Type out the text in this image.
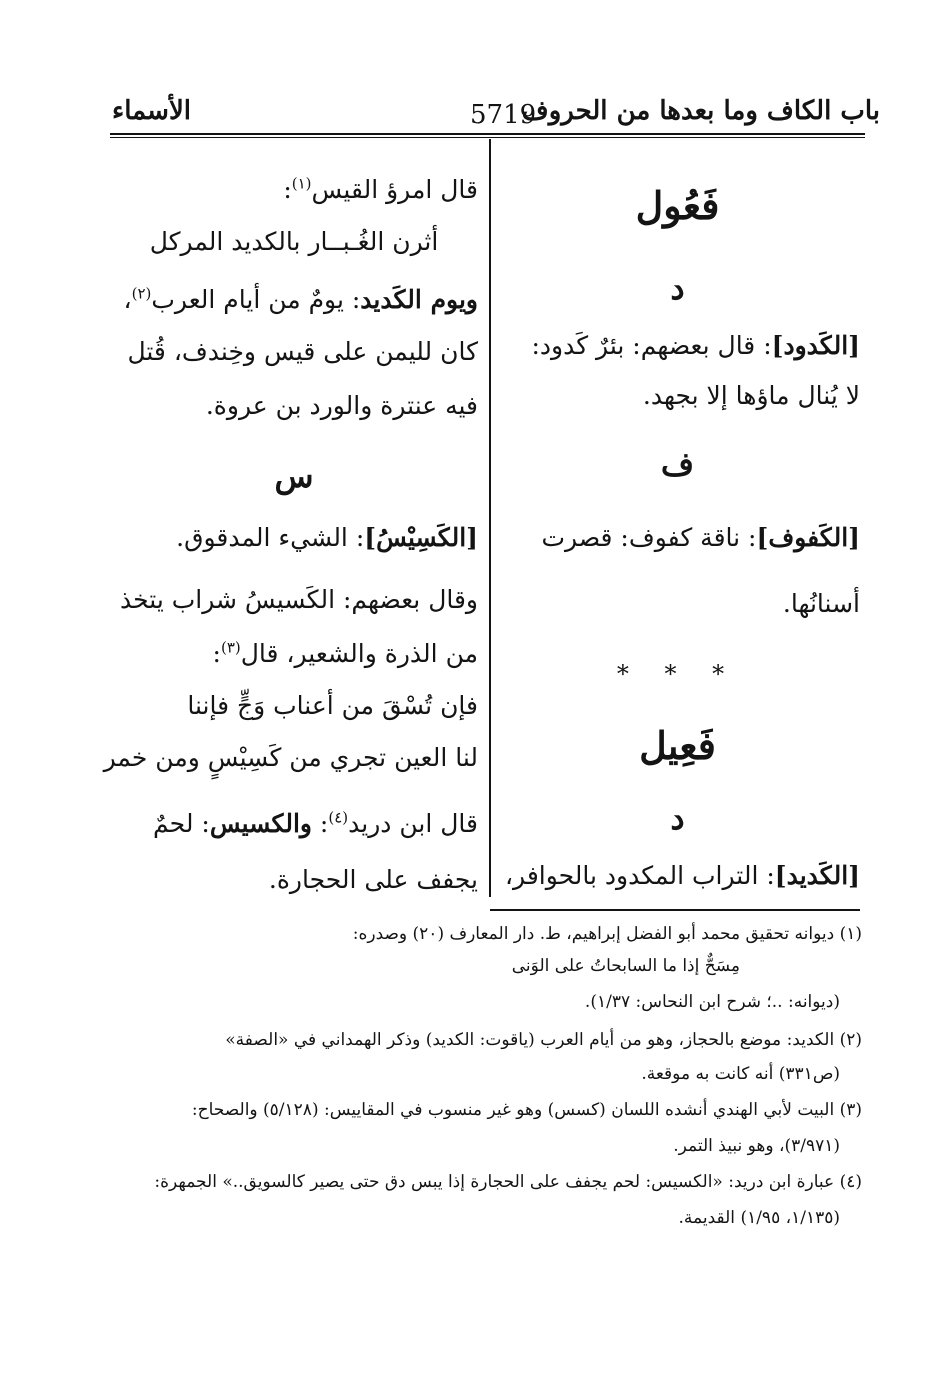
باب الكاف وما بعدها من الحروف
5719
الأسماء
فَعُول
د
[الكَدود]: قال بعضهم: بئرٌ كَدود:
لا يُنال ماؤها إلا بجهد.
ف
[الكَفوف]: ناقة كفوف: قصرت
أسنانُها.
* * *
فَعِيل
د
[الكَديد]: التراب المكدود بالحوافر،
قال امرؤ القيس$^{(١)}$:
أثرن الغُـبــار بالكديد المركل
ويوم الكَديد: يومٌ من أيام العرب$^{(٢)}$،
كان لليمن على قيس وخِندف، قُتل
فيه عنترة والورد بن عروة.
س
[الكَسِيْسُ]: الشيء المدقوق.
وقال بعضهم: الكَسيسُ شراب يتخذ
من الذرة والشعير، قال$^{(٣)}$:
فإن تُسْقَ من أعناب وَجٍّ فإننا
لنا العين تجري من كَسِيْسٍ ومن خمر
قال ابن دريد$^{(٤)}$: والكسيس: لحمٌ
يجفف على الحجارة.
(١) ديوانه تحقيق محمد أبو الفضل إبراهيم، ط. دار المعارف (٢٠) وصدره:
مِسَحٌّ إذا ما السابحاتُ على الوَنى
(ديوانه: ..؛ شرح ابن النحاس: ١/٣٧).
(٢) الكديد: موضع بالحجاز، وهو من أيام العرب (ياقوت: الكديد) وذكر الهمداني في «الصفة»
(ص٣٣١) أنه كانت به موقعة.
(٣) البيت لأبي الهندي أنشده اللسان (كسس) وهو غير منسوب في المقاييس: (٥/١٢٨) والصحاح:
(٣/٩٧١)، وهو نبيذ التمر.
(٤) عبارة ابن دريد: «الكسيس: لحم يجفف على الحجارة إذا يبس دق حتى يصير كالسويق..» الجمهرة:
(١/١٣٥، ١/٩٥) القديمة.
